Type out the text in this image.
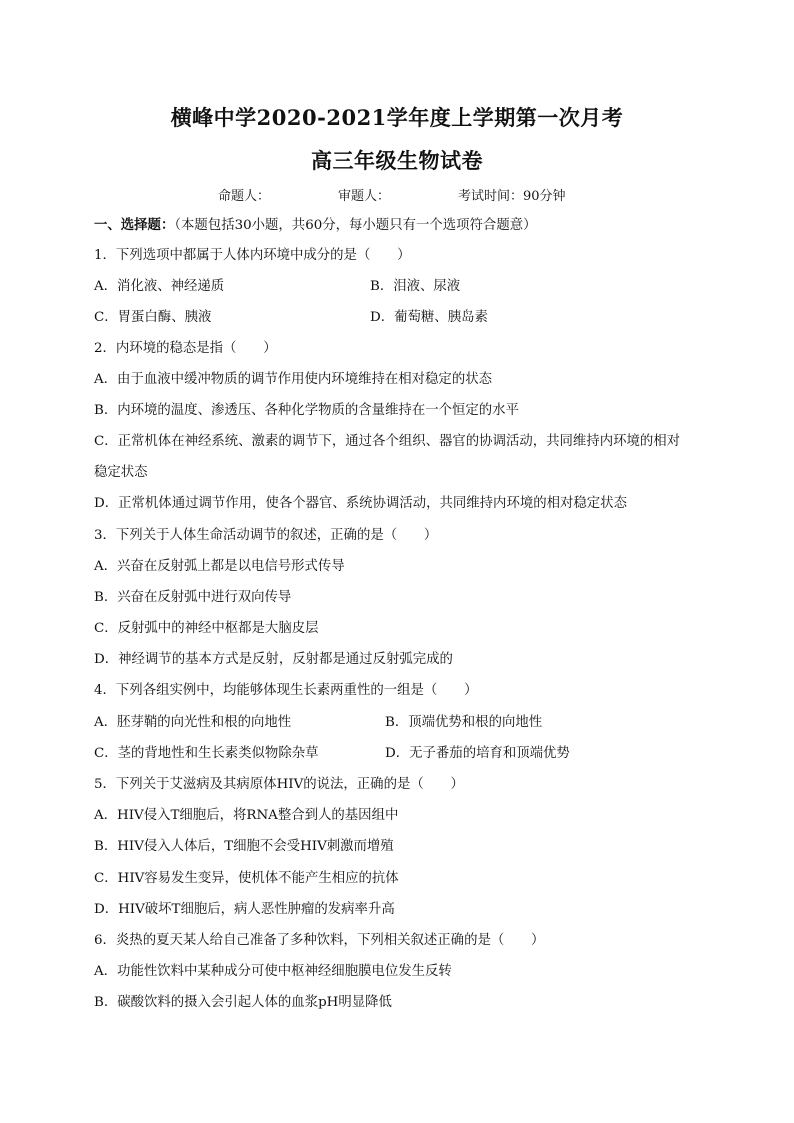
横峰中学2020-2021学年度上学期第一次月考
高三年级生物试卷
命题人：	审题人：	考试时间：90分钟
一、选择题：（本题包括30小题，共60分，每小题只有一个选项符合题意）
1．下列选项中都属于人体内环境中成分的是（　　）
A．消化液、神经递质	B．泪液、尿液
C．胃蛋白酶、胰液	D．葡萄糖、胰岛素
2．内环境的稳态是指（　　）
A．由于血液中缓冲物质的调节作用使内环境维持在相对稳定的状态
B．内环境的温度、渗透压、各种化学物质的含量维持在一个恒定的水平
C．正常机体在神经系统、激素的调节下，通过各个组织、器官的协调活动，共同维持内环境的相对
稳定状态
D．正常机体通过调节作用，使各个器官、系统协调活动，共同维持内环境的相对稳定状态
3．下列关于人体生命活动调节的叙述，正确的是（　　）
A．兴奋在反射弧上都是以电信号形式传导
B．兴奋在反射弧中进行双向传导
C．反射弧中的神经中枢都是大脑皮层
D．神经调节的基本方式是反射，反射都是通过反射弧完成的
4．下列各组实例中，均能够体现生长素两重性的一组是（　　）
A．胚芽鞘的向光性和根的向地性	B．顶端优势和根的向地性
C．茎的背地性和生长素类似物除杂草	D．无子番茄的培育和顶端优势
5．下列关于艾滋病及其病原体HIV的说法，正确的是（　　）
A．HIV侵入T细胞后，将RNA整合到人的基因组中
B．HIV侵入人体后，T细胞不会受HIV刺激而增殖
C．HIV容易发生变异，使机体不能产生相应的抗体
D．HIV破坏T细胞后，病人恶性肿瘤的发病率升高
6．炎热的夏天某人给自己准备了多种饮料，下列相关叙述正确的是（　　）
A．功能性饮料中某种成分可使中枢神经细胞膜电位发生反转
B．碳酸饮料的摄入会引起人体的血浆pH明显降低
